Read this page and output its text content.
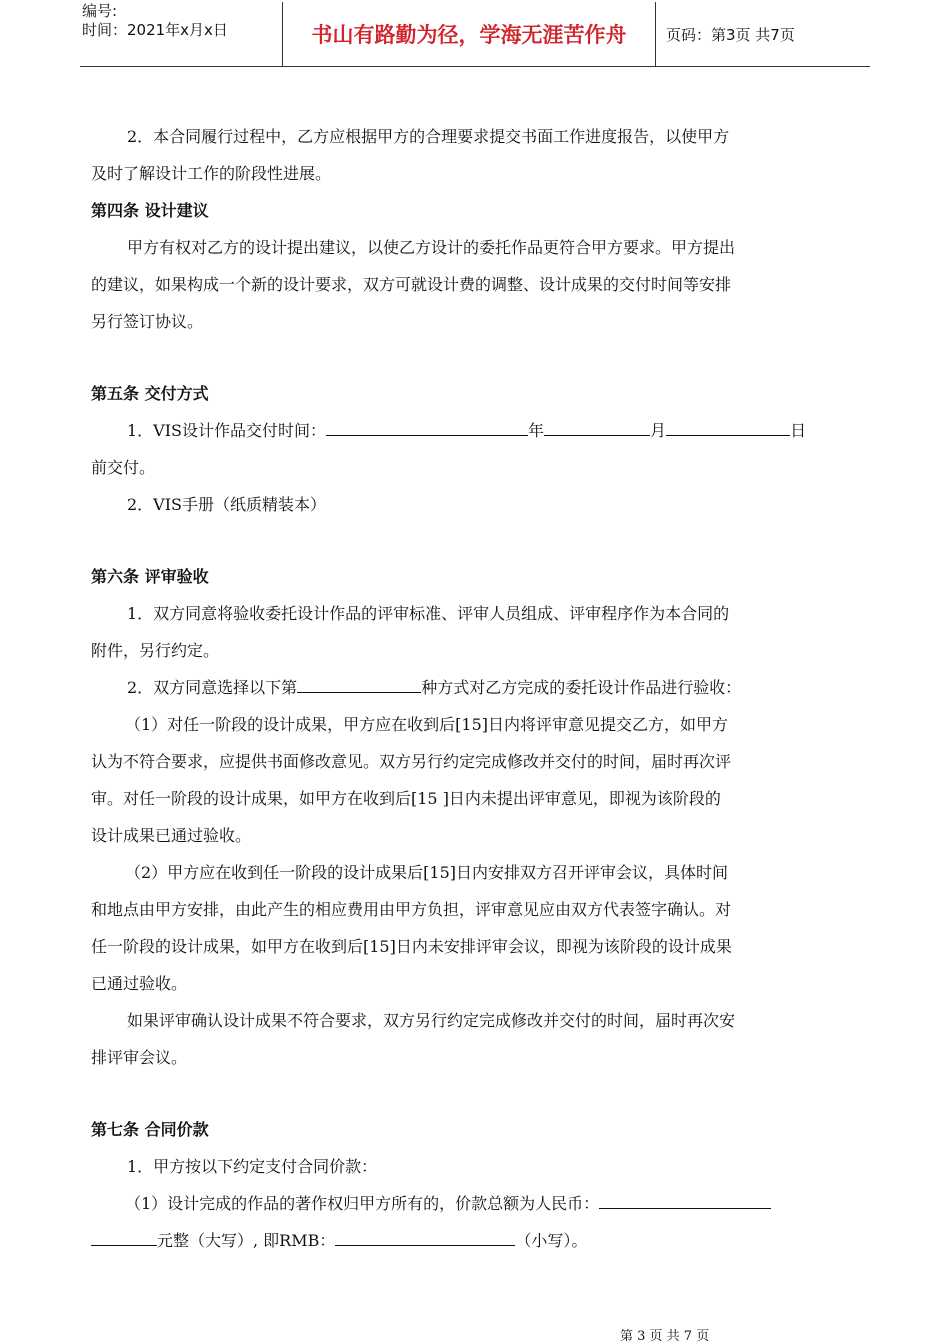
编号:
时间：2021年x月x日	书山有路勤为径，学海无涯苦作舟	页码：第3页 共7页

2．本合同履行过程中，乙方应根据甲方的合理要求提交书面工作进度报告，以使甲方

及时了解设计工作的阶段性进展。

第四条 设计建议

甲方有权对乙方的设计提出建议，以使乙方设计的委托作品更符合甲方要求。甲方提出

的建议，如果构成一个新的设计要求，双方可就设计费的调整、设计成果的交付时间等安排

另行签订协议。

第五条 交付方式

1．VIS设计作品交付时间：	年	月	日

前交付。

2．VIS手册（纸质精装本）

第六条 评审验收

1．双方同意将验收委托设计作品的评审标准、评审人员组成、评审程序作为本合同的

附件，另行约定。

2．双方同意选择以下第	种方式对乙方完成的委托设计作品进行验收：

（1）对任一阶段的设计成果，甲方应在收到后[15]日内将评审意见提交乙方，如甲方

认为不符合要求，应提供书面修改意见。双方另行约定完成修改并交付的时间，届时再次评

审。对任一阶段的设计成果，如甲方在收到后[15 ]日内未提出评审意见，即视为该阶段的

设计成果已通过验收。

（2）甲方应在收到任一阶段的设计成果后[15]日内安排双方召开评审会议，具体时间

和地点由甲方安排，由此产生的相应费用由甲方负担，评审意见应由双方代表签字确认。对

任一阶段的设计成果，如甲方在收到后[15]日内未安排评审会议，即视为该阶段的设计成果

已通过验收。

如果评审确认设计成果不符合要求，双方另行约定完成修改并交付的时间，届时再次安

排评审会议。

第七条 合同价款

1．甲方按以下约定支付合同价款：

（1）设计完成的作品的著作权归甲方所有的，价款总额为人民币：

元整（大写）, 即RMB：	（小写）。

第 3 页 共 7 页
